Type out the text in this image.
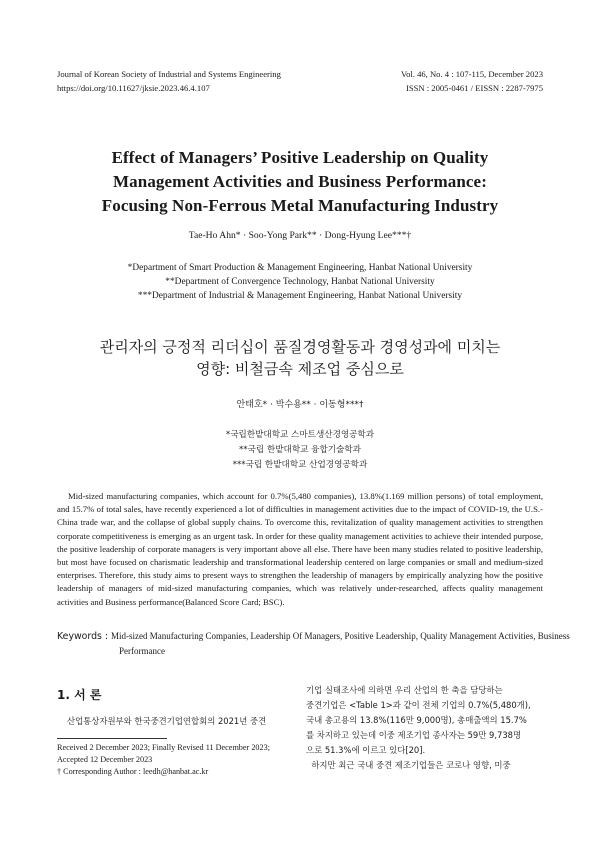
Journal of Korean Society of Industrial and Systems Engineering
https://doi.org/10.11627/jksie.2023.46.4.107
Vol. 46, No. 4 : 107-115, December 2023
ISSN : 2005-0461 / EISSN : 2287-7975
Effect of Managers’ Positive Leadership on Quality
Management Activities and Business Performance:
Focusing Non-Ferrous Metal Manufacturing Industry
Tae-Ho Ahn* · Soo-Yong Park** · Dong-Hyung Lee***†
*Department of Smart Production & Management Engineering, Hanbat National University
**Department of Convergence Technology, Hanbat National University
***Department of Industrial & Management Engineering, Hanbat National University
관리자의 긍정적 리더십이 품질경영활동과 경영성과에 미치는
영향: 비철금속 제조업 중심으로
안태호* · 박수용** · 이동형***†
*국립한밭대학교 스마트생산경영공학과
**국립 한밭대학교 융합기술학과
***국립 한밭대학교 산업경영공학과
Mid-sized manufacturing companies, which account for 0.7%(5,480 companies), 13.8%(1.169 million persons) of total employment, and 15.7% of total sales, have recently experienced a lot of difficulties in management activities due to the impact of COVID-19, the U.S.-China trade war, and the collapse of global supply chains. To overcome this, revitalization of quality management activities to strengthen corporate competitiveness is emerging as an urgent task. In order for these quality management activities to achieve their intended purpose, the positive leadership of corporate managers is very important above all else. There have been many studies related to positive leadership, but most have focused on charismatic leadership and transformational leadership centered on large companies or small and medium-sized enterprises. Therefore, this study aims to present ways to strengthen the leadership of managers by empirically analyzing how the positive leadership of managers of mid-sized manufacturing companies, which was relatively under-researched, affects quality management activities and Business performance(Balanced Score Card; BSC).
Keywords : Mid-sized Manufacturing Companies, Leadership Of Managers, Positive Leadership, Quality Management Activities, Business Performance
1. 서 론
산업통상자원부와 한국중견기업연합회의 2021년 중견
Received 2 December 2023; Finally Revised 11 December 2023;
Accepted 12 December 2023
† Corresponding Author : leedh@hanbat.ac.kr
기업 실태조사에 의하면 우리 산업의 한 축을 담당하는
중견기업은 <Table 1>과 같이 전체 기업의 0.7%(5,480개),
국내 총고용의 13.8%(116만 9,000명), 총매출액의 15.7%
를 차지하고 있는데 이중 제조기업 종사자는 59만 9,738명
으로 51.3%에 이르고 있다[20].
하지만 최근 국내 중견 제조기업들은 코로나 영향, 미중
